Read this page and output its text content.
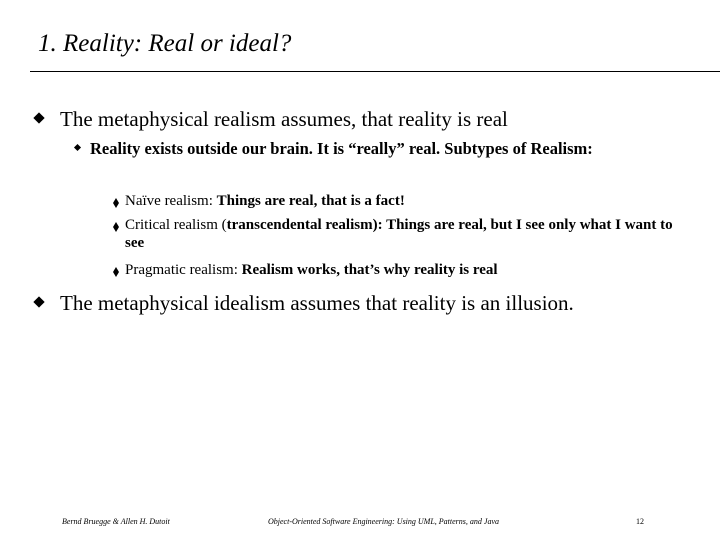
1. Reality: Real or ideal?
The metaphysical realism assumes, that reality is real
Reality exists outside our brain. It is “really” real. Subtypes of Realism:
Naïve realism: Things are real, that is a fact!
Critical realism (transcendental realism): Things are real, but I see only what I want to see
Pragmatic realism: Realism works, that’s why reality is real
The metaphysical idealism assumes that reality is an illusion.
Bernd Bruegge & Allen H. Dutoit	Object-Oriented Software Engineering: Using UML, Patterns, and Java	12
